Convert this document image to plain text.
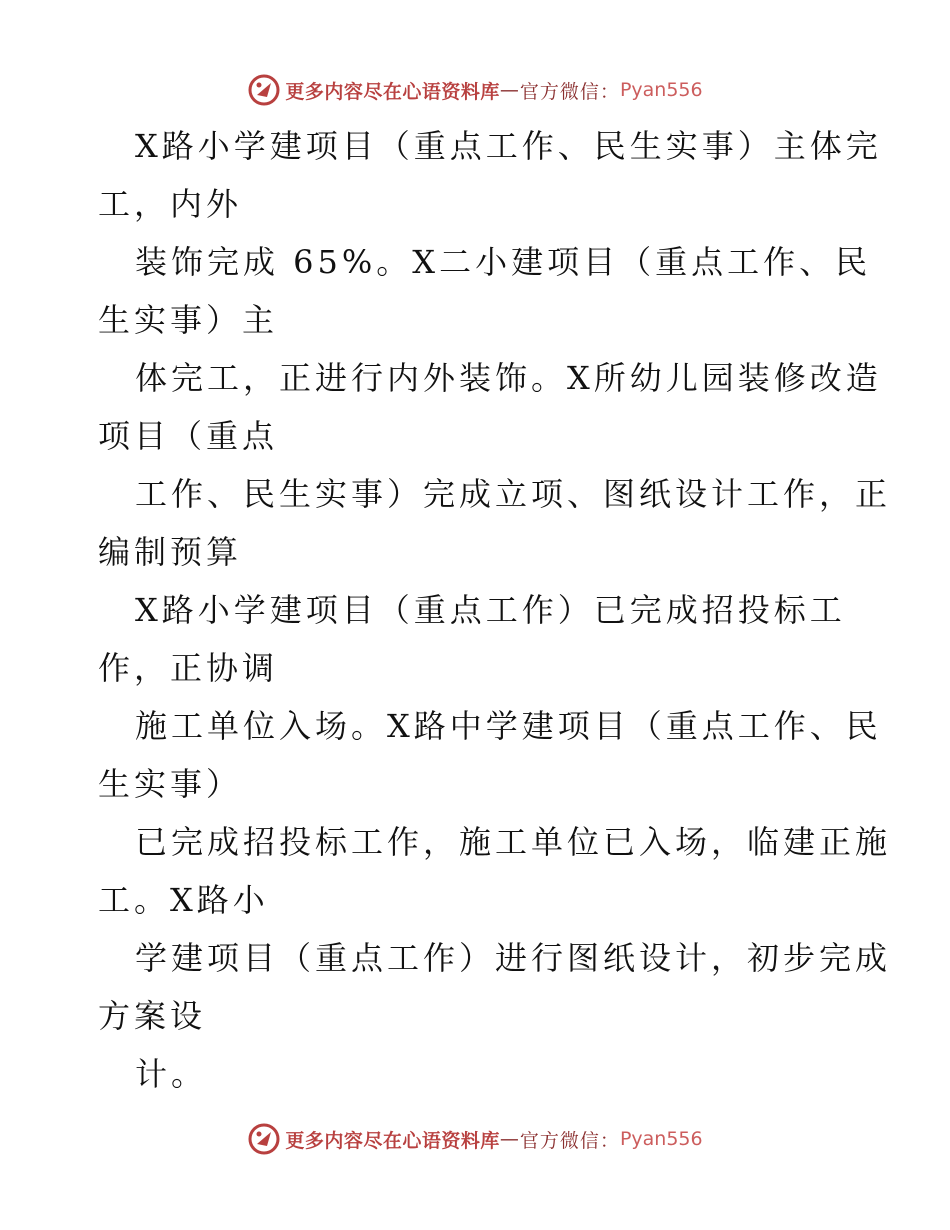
更多内容尽在心语资料库 — 官方微信： Pyan556
X路小学建项目（重点工作、民生实事）主体完
工，内外
装饰完成 65%。X二小建项目（重点工作、民
生实事）主
体完工，正进行内外装饰。X所幼儿园装修改造
项目（重点
工作、民生实事）完成立项、图纸设计工作，正
编制预算
X路小学建项目（重点工作）已完成招投标工
作，正协调
施工单位入场。X路中学建项目（重点工作、民
生实事）
已完成招投标工作，施工单位已入场，临建正施
工。X路小
学建项目（重点工作）进行图纸设计，初步完成
方案设
计。
更多内容尽在心语资料库 — 官方微信： Pyan556
